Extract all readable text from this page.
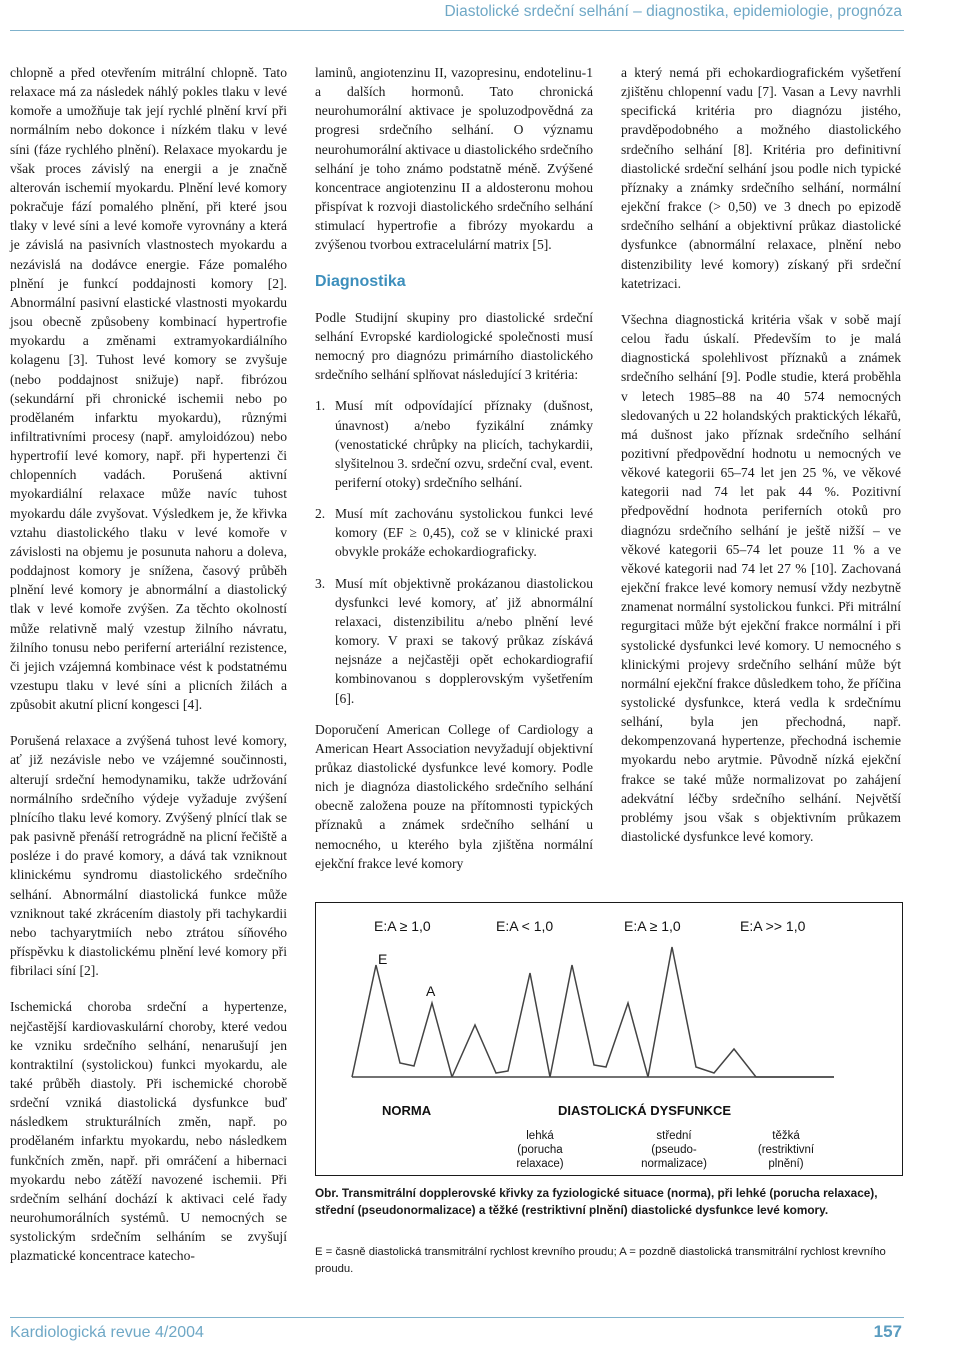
Diastolické srdeční selhání – diagnostika, epidemiologie, prognóza

chlopně a před otevřením mitrální chlopně. Tato relaxace má za následek náhlý pokles tlaku v levé komoře a umožňuje tak její rychlé plnění krví při normálním nebo dokonce i nízkém tlaku v levé síni (fáze rychlého plnění). Relaxace myokardu je však proces závislý na energii a je značně alterován ischemií myokardu. Plnění levé komory pokračuje fází pomalého plnění, při které jsou tlaky v levé síni a levé komoře vyrovnány a která je závislá na pasivních vlastnostech myokardu a nezávislá na dodávce energie. Fáze pomalého plnění je funkcí poddajnosti komory [2]. Abnormální pasivní elastické vlastnosti myokardu jsou obecně způsobeny kombinací hypertrofie myokardu a změnami extramyokardiálního kolagenu [3]. Tuhost levé komory se zvyšuje (nebo poddajnost snižuje) např. fibrózou (sekundární při chronické ischemii nebo po prodělaném infarktu myokardu), různými infiltrativními procesy (např. amyloidózou) nebo hypertrofií levé komory, např. při hypertenzi či chlopenních vadách. Porušená aktivní myokardiální relaxace může navíc tuhost myokardu dále zvyšovat. Výsledkem je, že křivka vztahu diastolického tlaku v levé komoře v závislosti na objemu je posunuta nahoru a doleva, poddajnost komory je snížena, časový průběh plnění levé komory je abnormální a diastolický tlak v levé komoře zvýšen. Za těchto okolností může relativně malý vzestup žilního návratu, žilního tonusu nebo periferní arteriální rezistence, či jejich vzájemná kombinace vést k podstatnému vzestupu tlaku v levé síni a plicních žilách a způsobit akutní plicní kongesci [4].

Porušená relaxace a zvýšená tuhost levé komory, ať již nezávisle nebo ve vzájemné součinnosti, alterují srdeční hemodynamiku, takže udržování normálního srdečního výdeje vyžaduje zvýšení plnícího tlaku levé komory. Zvýšený plnící tlak se pak pasivně přenáší retrográdně na plicní řečiště a posléze i do pravé komory, a dává tak vzniknout klinickému syndromu diastolického srdečního selhání. Abnormální diastolická funkce může vzniknout také zkrácením diastoly při tachykardii nebo tachyarytmiích nebo ztrátou síňového příspěvku k diastolickému plnění levé komory při fibrilaci síní [2].

Ischemická choroba srdeční a hypertenze, nejčastější kardiovaskulární choroby, které vedou ke vzniku srdečního selhání, nenarušují jen kontraktilní (systolickou) funkci myokardu, ale také průběh diastoly. Při ischemické chorobě srdeční vzniká diastolická dysfunkce buď následkem strukturálních změn, např. po prodělaném infarktu myokardu, nebo následkem funkčních změn, např. při omráčení a hibernaci myokardu nebo zátěží navozené ischemii. Při srdečním selhání dochází k aktivaci celé řady neurohumorálních systémů. U nemocných se systolickým srdečním selháním se zvyšují plazmatické koncentrace katecho-

laminů, angiotenzinu II, vazopresinu, endotelinu-1 a dalších hormonů. Tato chronická neurohumorální aktivace je spoluzodpovědná za progresi srdečního selhání. O významu neurohumorální aktivace u diastolického srdečního selhání je toho známo podstatně méně. Zvýšené koncentrace angiotenzinu II a aldosteronu mohou přispívat k rozvoji diastolického srdečního selhání stimulací hypertrofie a fibrózy myokardu a zvýšenou tvorbou extracelulární matrix [5].

Diagnostika

Podle Studijní skupiny pro diastolické srdeční selhání Evropské kardiologické společnosti musí nemocný pro diagnózu primárního diastolického srdečního selhání splňovat následující 3 kritéria:

1. Musí mít odpovídající příznaky (dušnost, únavnost) a/nebo fyzikální známky (venostatické chrůpky na plicích, tachykardii, slyšitelnou 3. srdeční ozvu, srdeční cval, event. periferní otoky) srdečního selhání.
2. Musí mít zachovánu systolickou funkci levé komory (EF ≥ 0,45), což se v klinické praxi obvykle prokáže echokardiograficky.
3. Musí mít objektivně prokázanou diastolickou dysfunkci levé komory, ať již abnormální relaxaci, distenzibilitu a/nebo plnění levé komory. V praxi se takový průkaz získává nejsnáze a nejčastěji opět echokardiografií kombinovanou s dopplerovským vyšetřením [6].

Doporučení American College of Cardiology a American Heart Association nevyžadují objektivní průkaz diastolické dysfunkce levé komory. Podle nich je diagnóza diastolického srdečního selhání obecně založena pouze na přítomnosti typických příznaků a známek srdečního selhání u nemocného, u kterého byla zjištěna normální ejekční frakce levé komory

a který nemá při echokardiografickém vyšetření zjištěnu chlopenní vadu [7]. Vasan a Levy navrhli specifická kritéria pro diagnózu jistého, pravděpodobného a možného diastolického srdečního selhání [8]. Kritéria pro definitivní diastolické srdeční selhání jsou podle nich typické příznaky a známky srdečního selhání, normální ejekční frakce (> 0,50) ve 3 dnech po epizodě srdečního selhání a objektivní průkaz diastolické dysfunkce (abnormální relaxace, plnění nebo distenzibility levé komory) získaný při srdeční katetrizaci.

Všechna diagnostická kritéria však v sobě mají celou řadu úskalí. Především to je malá diagnostická spolehlivost příznaků a známek srdečního selhání [9]. Podle studie, která proběhla v letech 1985–88 na 40 574 nemocných sledovaných u 22 holandských praktických lékařů, má dušnost jako příznak srdečního selhání pozitivní předpovědní hodnotu u nemocných ve věkové kategorii 65–74 let jen 25 %, ve věkové kategorii nad 74 let pak 44 %. Pozitivní předpovědní hodnota periferních otoků pro diagnózu srdečního selhání je ještě nižší – ve věkové kategorii 65–74 let pouze 11 % a ve věkové kategorii nad 74 let 27 % [10]. Zachovaná ejekční frakce levé komory nemusí vždy nezbytně znamenat normální systolickou funkci. Při mitrální regurgitaci může být ejekční frakce normální i při systolické dysfunkci levé komory. U nemocného s klinickými projevy srdečního selhání může být normální ejekční frakce důsledkem toho, že příčina systolické dysfunkce, která vedla k srdečnímu selhání, byla jen přechodná, např. dekompenzovaná hypertenze, přechodná ischemie myokardu nebo arytmie. Původně nízká ejekční frakce se také může normalizovat po zahájení adekvátní léčby srdečního selhání. Největší problémy jsou však s objektivním průkazem diastolické dysfunkce levé komory.

E:A ≥ 1,0	E:A < 1,0	E:A ≥ 1,0	E:A >> 1,0
E
A
NORMA	DIASTOLICKÁ DYSFUNKCE
lehká
(porucha
relaxace)
střední
(pseudo-
normalizace)
těžká
(restriktivní
plnění)
Obr. Transmitrální dopplerovské křivky za fyziologické situace (norma), při lehké (porucha relaxace), střední (pseudonormalizace) a těžké (restriktivní plnění) diastolické dysfunkce levé komory.
E = časně diastolická transmitrální rychlost krevního proudu; A = pozdně diastolická transmitrální rychlost krevního proudu.
Kardiologická revue 4/2004	157
